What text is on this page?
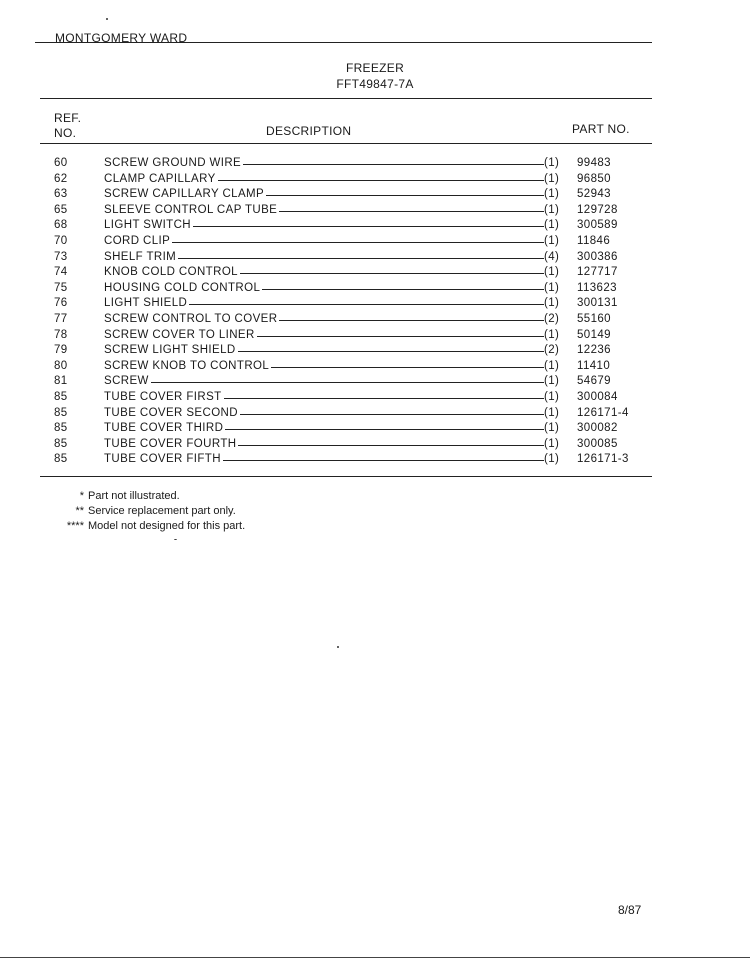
MONTGOMERY WARD
FREEZER
FFT49847-7A
REF.
NO.	DESCRIPTION	PART NO.
60	SCREW GROUND WIRE	(1) 99483
62	CLAMP CAPILLARY	(1) 96850
63	SCREW CAPILLARY CLAMP	(1) 52943
65	SLEEVE CONTROL CAP TUBE	(1) 129728
68	LIGHT SWITCH	(1) 300589
70	CORD CLIP	(1) 11846
73	SHELF TRIM	(4) 300386
74	KNOB COLD CONTROL	(1) 127717
75	HOUSING COLD CONTROL	(1) 113623
76	LIGHT SHIELD	(1) 300131
77	SCREW CONTROL TO COVER	(2) 55160
78	SCREW COVER TO LINER	(1) 50149
79	SCREW LIGHT SHIELD	(2) 12236
80	SCREW KNOB TO CONTROL	(1) 11410
81	SCREW	(1) 54679
85	TUBE COVER FIRST	(1) 300084
85	TUBE COVER SECOND	(1) 126171-4
85	TUBE COVER THIRD	(1) 300082
85	TUBE COVER FOURTH	(1) 300085
85	TUBE COVER FIFTH	(1) 126171-3
* Part not illustrated.
** Service replacement part only.
**** Model not designed for this part.
8/87
